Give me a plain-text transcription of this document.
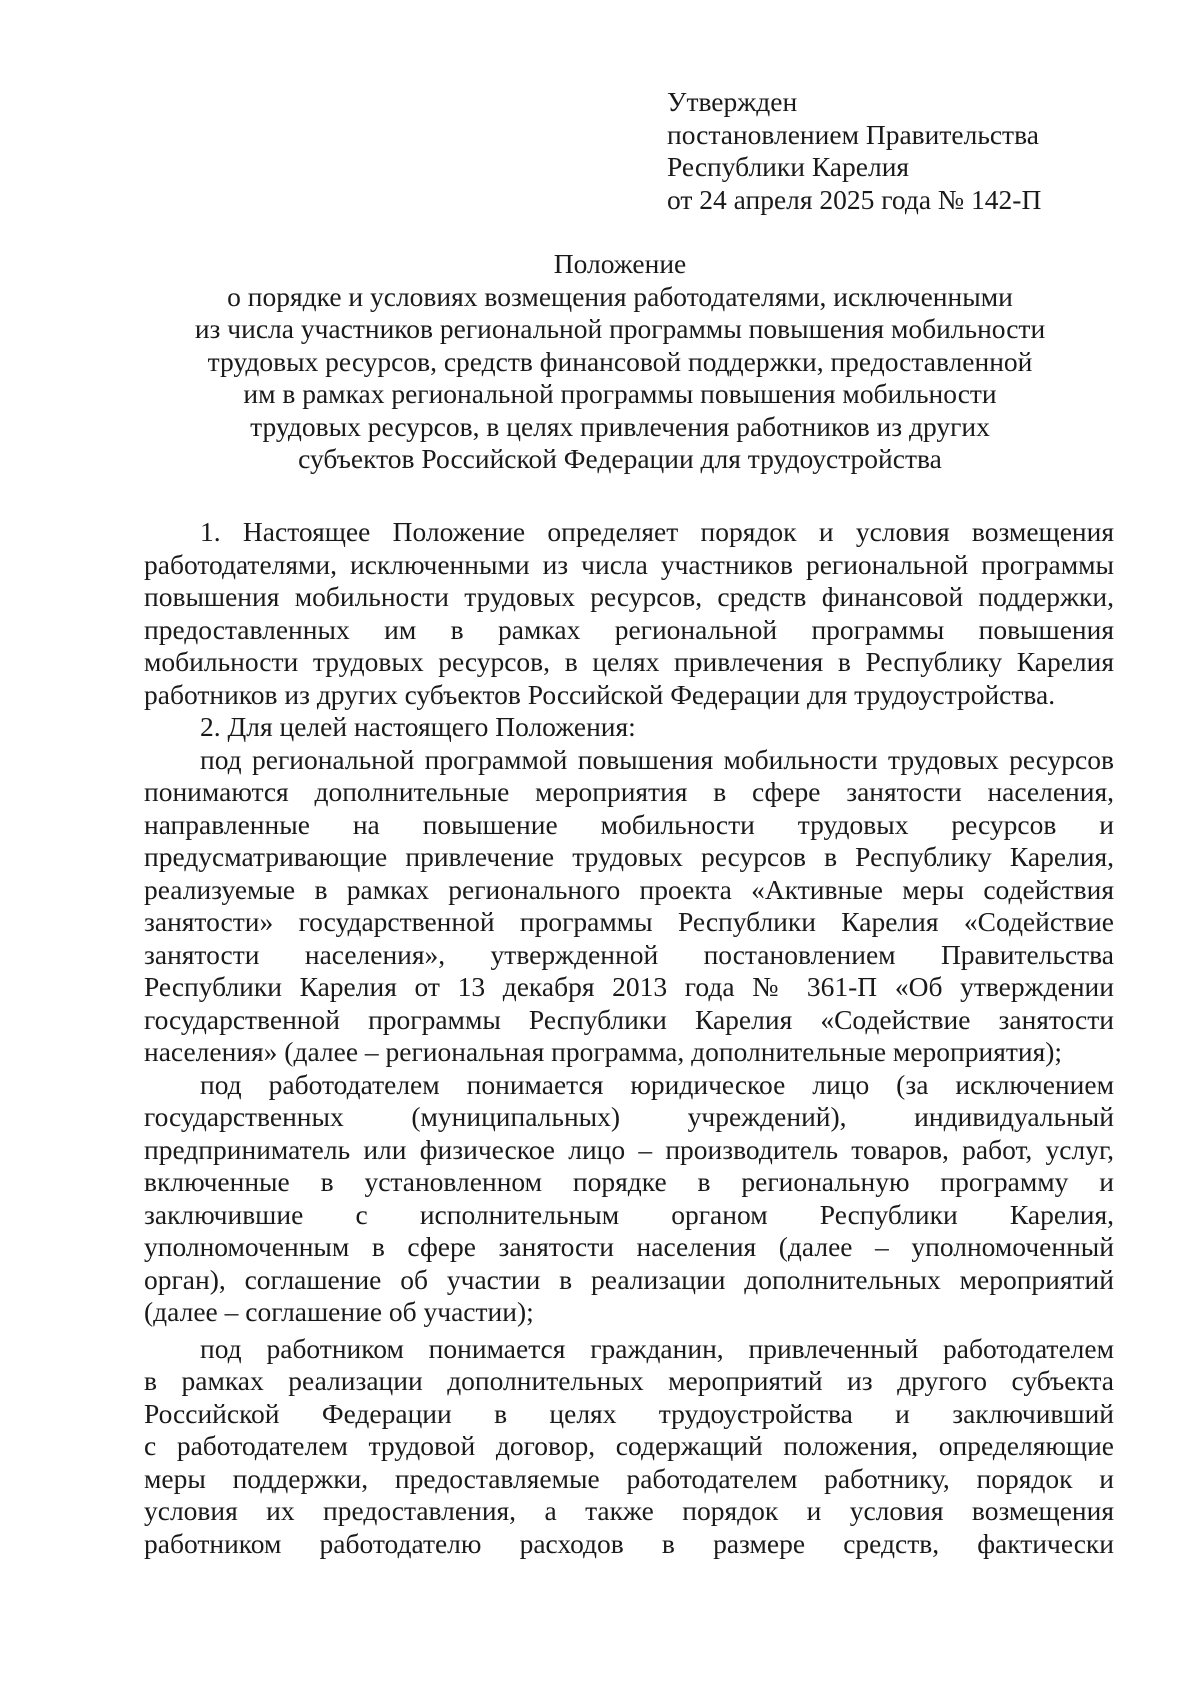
Утвержден
постановлением Правительства
Республики Карелия
от 24 апреля 2025 года № 142-П
Положение
о порядке и условиях возмещения работодателями, исключенными
из числа участников региональной программы повышения мобильности
трудовых ресурсов, средств финансовой поддержки, предоставленной
им в рамках региональной программы повышения мобильности
трудовых ресурсов, в целях привлечения работников из других
субъектов Российской Федерации для трудоустройства
1. Настоящее Положение определяет порядок и условия возмещения
работодателями, исключенными из числа участников региональной программы
повышения мобильности трудовых ресурсов, средств финансовой поддержки,
предоставленных им в рамках региональной программы повышения
мобильности трудовых ресурсов, в целях привлечения в Республику Карелия
работников из других субъектов Российской Федерации для трудоустройства.
2. Для целей настоящего Положения:
под региональной программой повышения мобильности трудовых ресурсов
понимаются дополнительные мероприятия в сфере занятости населения,
направленные на повышение мобильности трудовых ресурсов и
предусматривающие привлечение трудовых ресурсов в Республику Карелия,
реализуемые в рамках регионального проекта «Активные меры содействия
занятости» государственной программы Республики Карелия «Содействие
занятости населения», утвержденной постановлением Правительства
Республики Карелия от 13 декабря 2013 года № 361-П «Об утверждении
государственной программы Республики Карелия «Содействие занятости
населения» (далее – региональная программа, дополнительные мероприятия);
под работодателем понимается юридическое лицо (за исключением
государственных (муниципальных) учреждений), индивидуальный
предприниматель или физическое лицо – производитель товаров, работ, услуг,
включенные в установленном порядке в региональную программу и
заключившие с исполнительным органом Республики Карелия,
уполномоченным в сфере занятости населения (далее – уполномоченный
орган), соглашение об участии в реализации дополнительных мероприятий
(далее – соглашение об участии);
под работником понимается гражданин, привлеченный работодателем
в рамках реализации дополнительных мероприятий из другого субъекта
Российской Федерации в целях трудоустройства и заключивший
с работодателем трудовой договор, содержащий положения, определяющие
меры поддержки, предоставляемые работодателем работнику, порядок и
условия их предоставления, а также порядок и условия возмещения
работником работодателю расходов в размере средств, фактически
